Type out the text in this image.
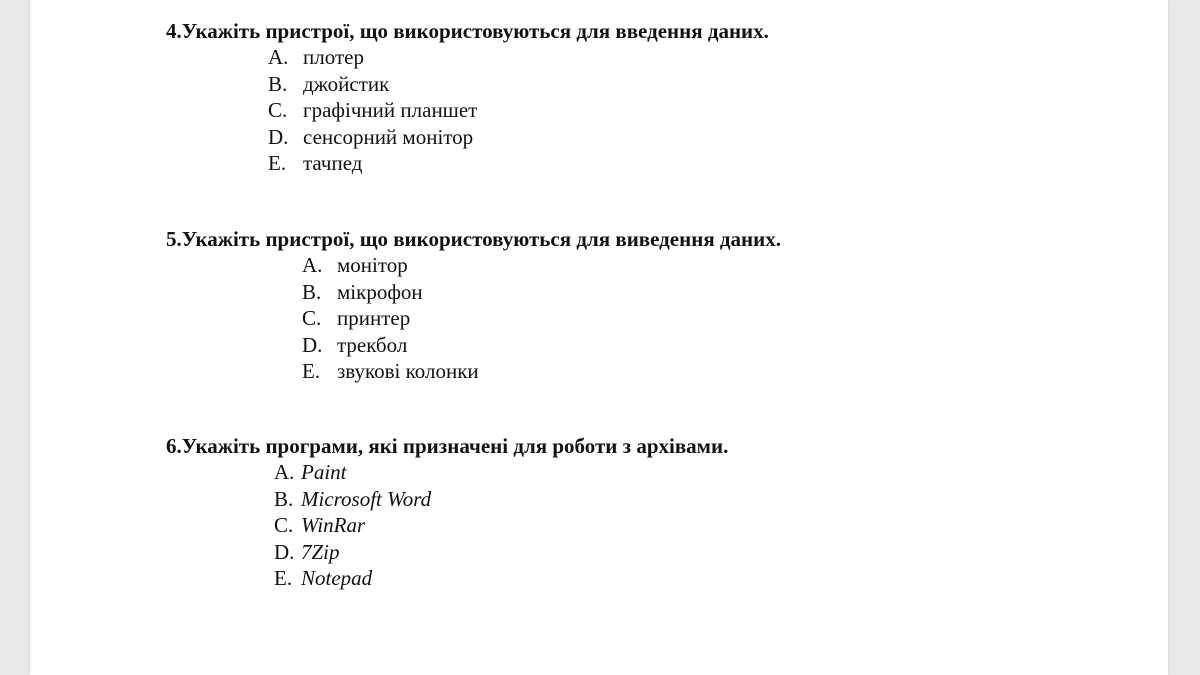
4.Укажіть пристрої, що використовуються для введення даних.
A. плотер
B. джойстик
C. графічний планшет
D. сенсорний монітор
E. тачпед
5.Укажіть пристрої, що використовуються для виведення даних.
A. монітор
B. мікрофон
C. принтер
D. трекбол
E. звукові колонки
6.Укажіть програми, які призначені для роботи з архівами.
A. Paint
B. Microsoft Word
C. WinRar
D. 7Zip
E. Notepad
